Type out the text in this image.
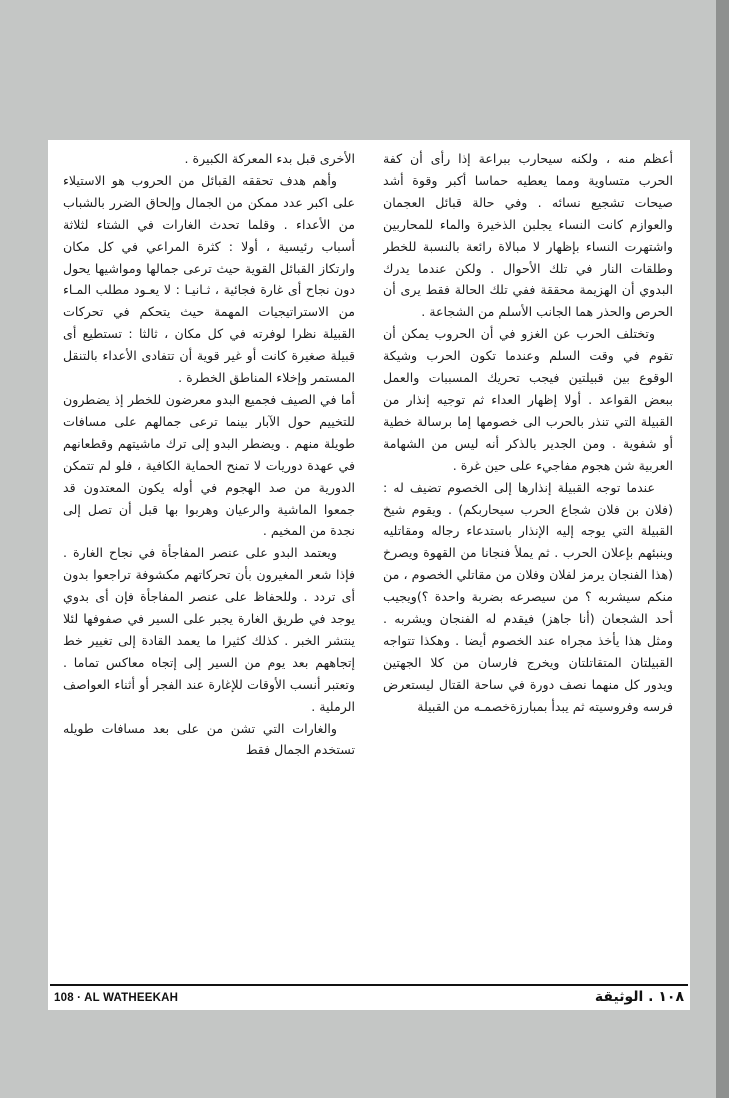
أعظم منه ، ولكنه سيحارب ببراعة إذا رأى أن كفة الحرب متساوية ومما يعطيه حماسا أكبر وقوة أشد صيحات تشجيع نسائه . وفي حالة قبائل العجمان والعوازم كانت النساء يجلبن الذخيرة والماء للمحاربين واشتهرت النساء بإظهار لا مبالاة رائعة بالنسبة للخطر وطلقات النار في تلك الأحوال . ولكن عندما يدرك البدوي أن الهزيمة محققة ففي تلك الحالة فقط يرى أن الحرص والحذر هما الجانب الأسلم من الشجاعة .

وتختلف الحرب عن الغزو في أن الحروب يمكن أن تقوم في وقت السلم وعندما تكون الحرب وشيكة الوقوع بين قبيلتين فيجب تحريك المسببات والعمل ببعض القواعد . أولا إظهار العداء ثم توجيه إنذار من القبيلة التي تنذر بالحرب الى خصومها إما برسالة خطية أو شفوية . ومن الجدير بالذكر أنه ليس من الشهامة العربية شن هجوم مفاجيء على حين غرة .

عندما توجه القبيلة إنذارها إلى الخصوم تضيف له : (فلان بن فلان شجاع الحرب سيحاربكم) . ويقوم شيخ القبيلة التي يوجه إليه الإنذار باستدعاء رجاله ومقاتليه وينبئهم بإعلان الحرب . ثم يملأ فنجانا من القهوة ويصرخ (هذا الفنجان يرمز لفلان وفلان من مقاتلي الخصوم ، من منكم سيشربه ؟ من سيصرعه بضربة واحدة ؟)ويجيب أحد الشجعان (أنا جاهز) فيقدم له الفنجان ويشربه . ومثل هذا يأخذ مجراه عند الخصوم أيضا . وهكذا تتواجه القبيلتان المتقاتلتان ويخرج فارسان من كلا الجهتين ويدور كل منهما نصف دورة في ساحة القتال ليستعرض فرسه وفروسيته ثم يبدأ بمبارزةخصمـه من القبيلة

الأخرى قبل بدء المعركة الكبيرة .

وأهم هدف تحققه القبائل من الحروب هو الاستيلاء على اكبر عدد ممكن من الجمال وإلحاق الضرر بالشباب من الأعداء . وقلما تحدث الغارات في الشتاء لثلاثة أسباب رئيسية ، أولا : كثرة المراعي في كل مكان وارتكاز القبائل القوية حيث ترعى جمالها ومواشيها يحول دون نجاح أى غارة فجائية ، ثـانيـا : لا يعـود مطلب المـاء من الاستراتيجيات المهمة حيث يتحكم في تحركات القبيلة نظرا لوفرته في كل مكان ، ثالثا : تستطيع أى قبيلة صغيرة كانت أو غير قوية أن تتفادى الأعداء بالتنقل المستمر وإخلاء المناطق الخطرة .

أما في الصيف فجميع البدو معرضون للخطر إذ يضطرون للتخييم حول الآبار بينما ترعى جمالهم على مسافات طويلة منهم . ويضطر البدو إلى ترك ماشيتهم وقطعانهم في عهدة دوريات لا تمنح الحماية الكافية ، فلو لم تتمكن الدورية من صد الهجوم في أوله يكون المعتدون قد جمعوا الماشية والرعيان وهربوا بها قبل أن تصل إلى نجدة من المخيم .

ويعتمد البدو على عنصر المفاجأة في نجاح الغارة . فإذا شعر المغيرون بأن تحركاتهم مكشوفة تراجعوا بدون أى تردد . وللحفاظ على عنصر المفاجأة فإن أى بدوي يوجد في طريق الغارة يجبر على السير في صفوفها لئلا ينتشر الخبر . كذلك كثيرا ما يعمد القادة إلى تغيير خط إتجاههم بعد يوم من السير إلى إتجاه معاكس تماما . وتعتبر أنسب الأوقات للإغارة عند الفجر أو أثناء العواصف الرملية .

والغارات التي تشن من على بعد مسافات طويله تستخدم الجمال فقط

108 · AL WATHEEKAH	١٠٨ . الوثيقة
